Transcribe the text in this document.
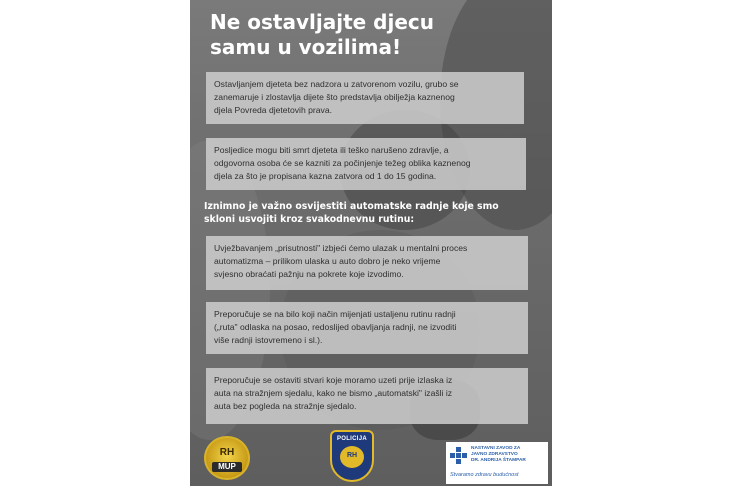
Ne ostavljajte djecu
samu u vozilima!
Ostavljanjem djeteta bez nadzora u zatvorenom vozilu, grubo se
zanemaruje i zlostavlja dijete što predstavlja obilježja kaznenog
djela Povreda djetetovih prava.
Posljedice mogu biti smrt djeteta ili teško narušeno zdravlje, a
odgovorna osoba će se kazniti za počinjenje težeg oblika kaznenog
djela za što je propisana kazna zatvora od 1 do 15 godina.
Iznimno je važno osvijestiti automatske radnje koje smo
skloni usvojiti kroz svakodnevnu rutinu:
Uvježbavanjem „prisutnosti" izbjeći ćemo ulazak u mentalni proces
automatizma – prilikom ulaska u auto dobro je neko vrijeme
svjesno obraćati pažnju na pokrete koje izvodimo.
Preporučuje se na bilo koji način mijenjati ustaljenu rutinu radnji
(„ruta" odlaska na posao, redoslijed obavljanja radnji, ne izvoditi
više radnji istovremeno i sl.).
Preporučuje se ostaviti stvari koje moramo uzeti prije izlaska iz
auta na stražnjem sjedalu, kako ne bismo „automatski" izašli iz
auta bez pogleda na stražnje sjedalo.
RH
MUP
POLICIJA
RH
NASTAVNI ZAVOD ZA
JAVNO ZDRAVSTVO
DR. ANDRIJA ŠTAMPAR
Stvaramo zdravu budućnost
